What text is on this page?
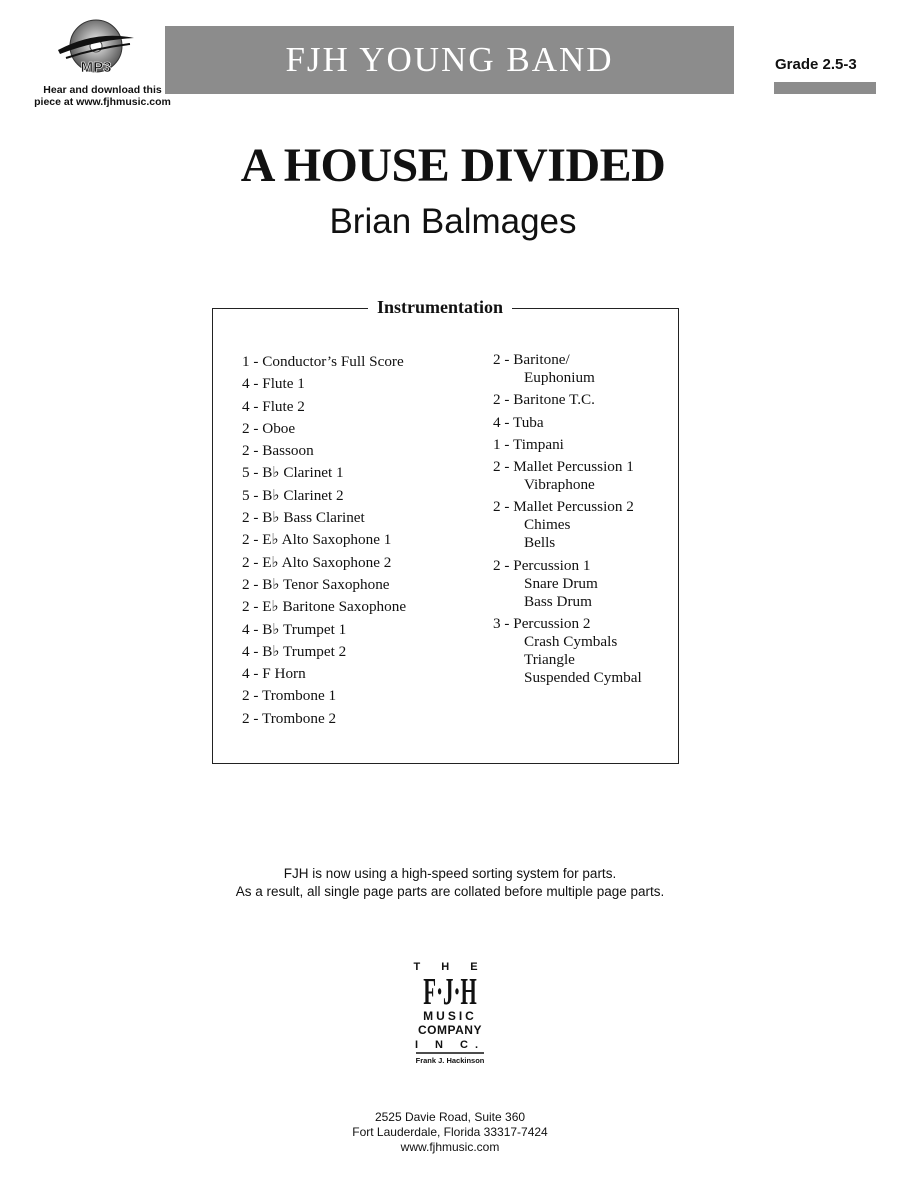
MP3
Hear and download this
piece at www.fjhmusic.com
FJH YOUNG BAND	Grade 2.5-3
A HOUSE DIVIDED
Brian Balmages
Instrumentation
1 - Conductor’s Full Score
4 - Flute 1
4 - Flute 2
2 - Oboe
2 - Bassoon
5 - B♭ Clarinet 1
5 - B♭ Clarinet 2
2 - B♭ Bass Clarinet
2 - E♭ Alto Saxophone 1
2 - E♭ Alto Saxophone 2
2 - B♭ Tenor Saxophone
2 - E♭ Baritone Saxophone
4 - B♭ Trumpet 1
4 - B♭ Trumpet 2
4 - F Horn
2 - Trombone 1
2 - Trombone 2
2 - Baritone/
Euphonium
2 - Baritone T.C.
4 - Tuba
1 - Timpani
2 - Mallet Percussion 1
Vibraphone
2 - Mallet Percussion 2
Chimes
Bells
2 - Percussion 1
Snare Drum
Bass Drum
3 - Percussion 2
Crash Cymbals
Triangle
Suspended Cymbal
FJH is now using a high-speed sorting system for parts.
As a result, all single page parts are collated before multiple page parts.
T H E
F·J·H
MUSIC
COMPANY
I N C.
Frank J. Hackinson
2525 Davie Road, Suite 360
Fort Lauderdale, Florida 33317-7424
www.fjhmusic.com
